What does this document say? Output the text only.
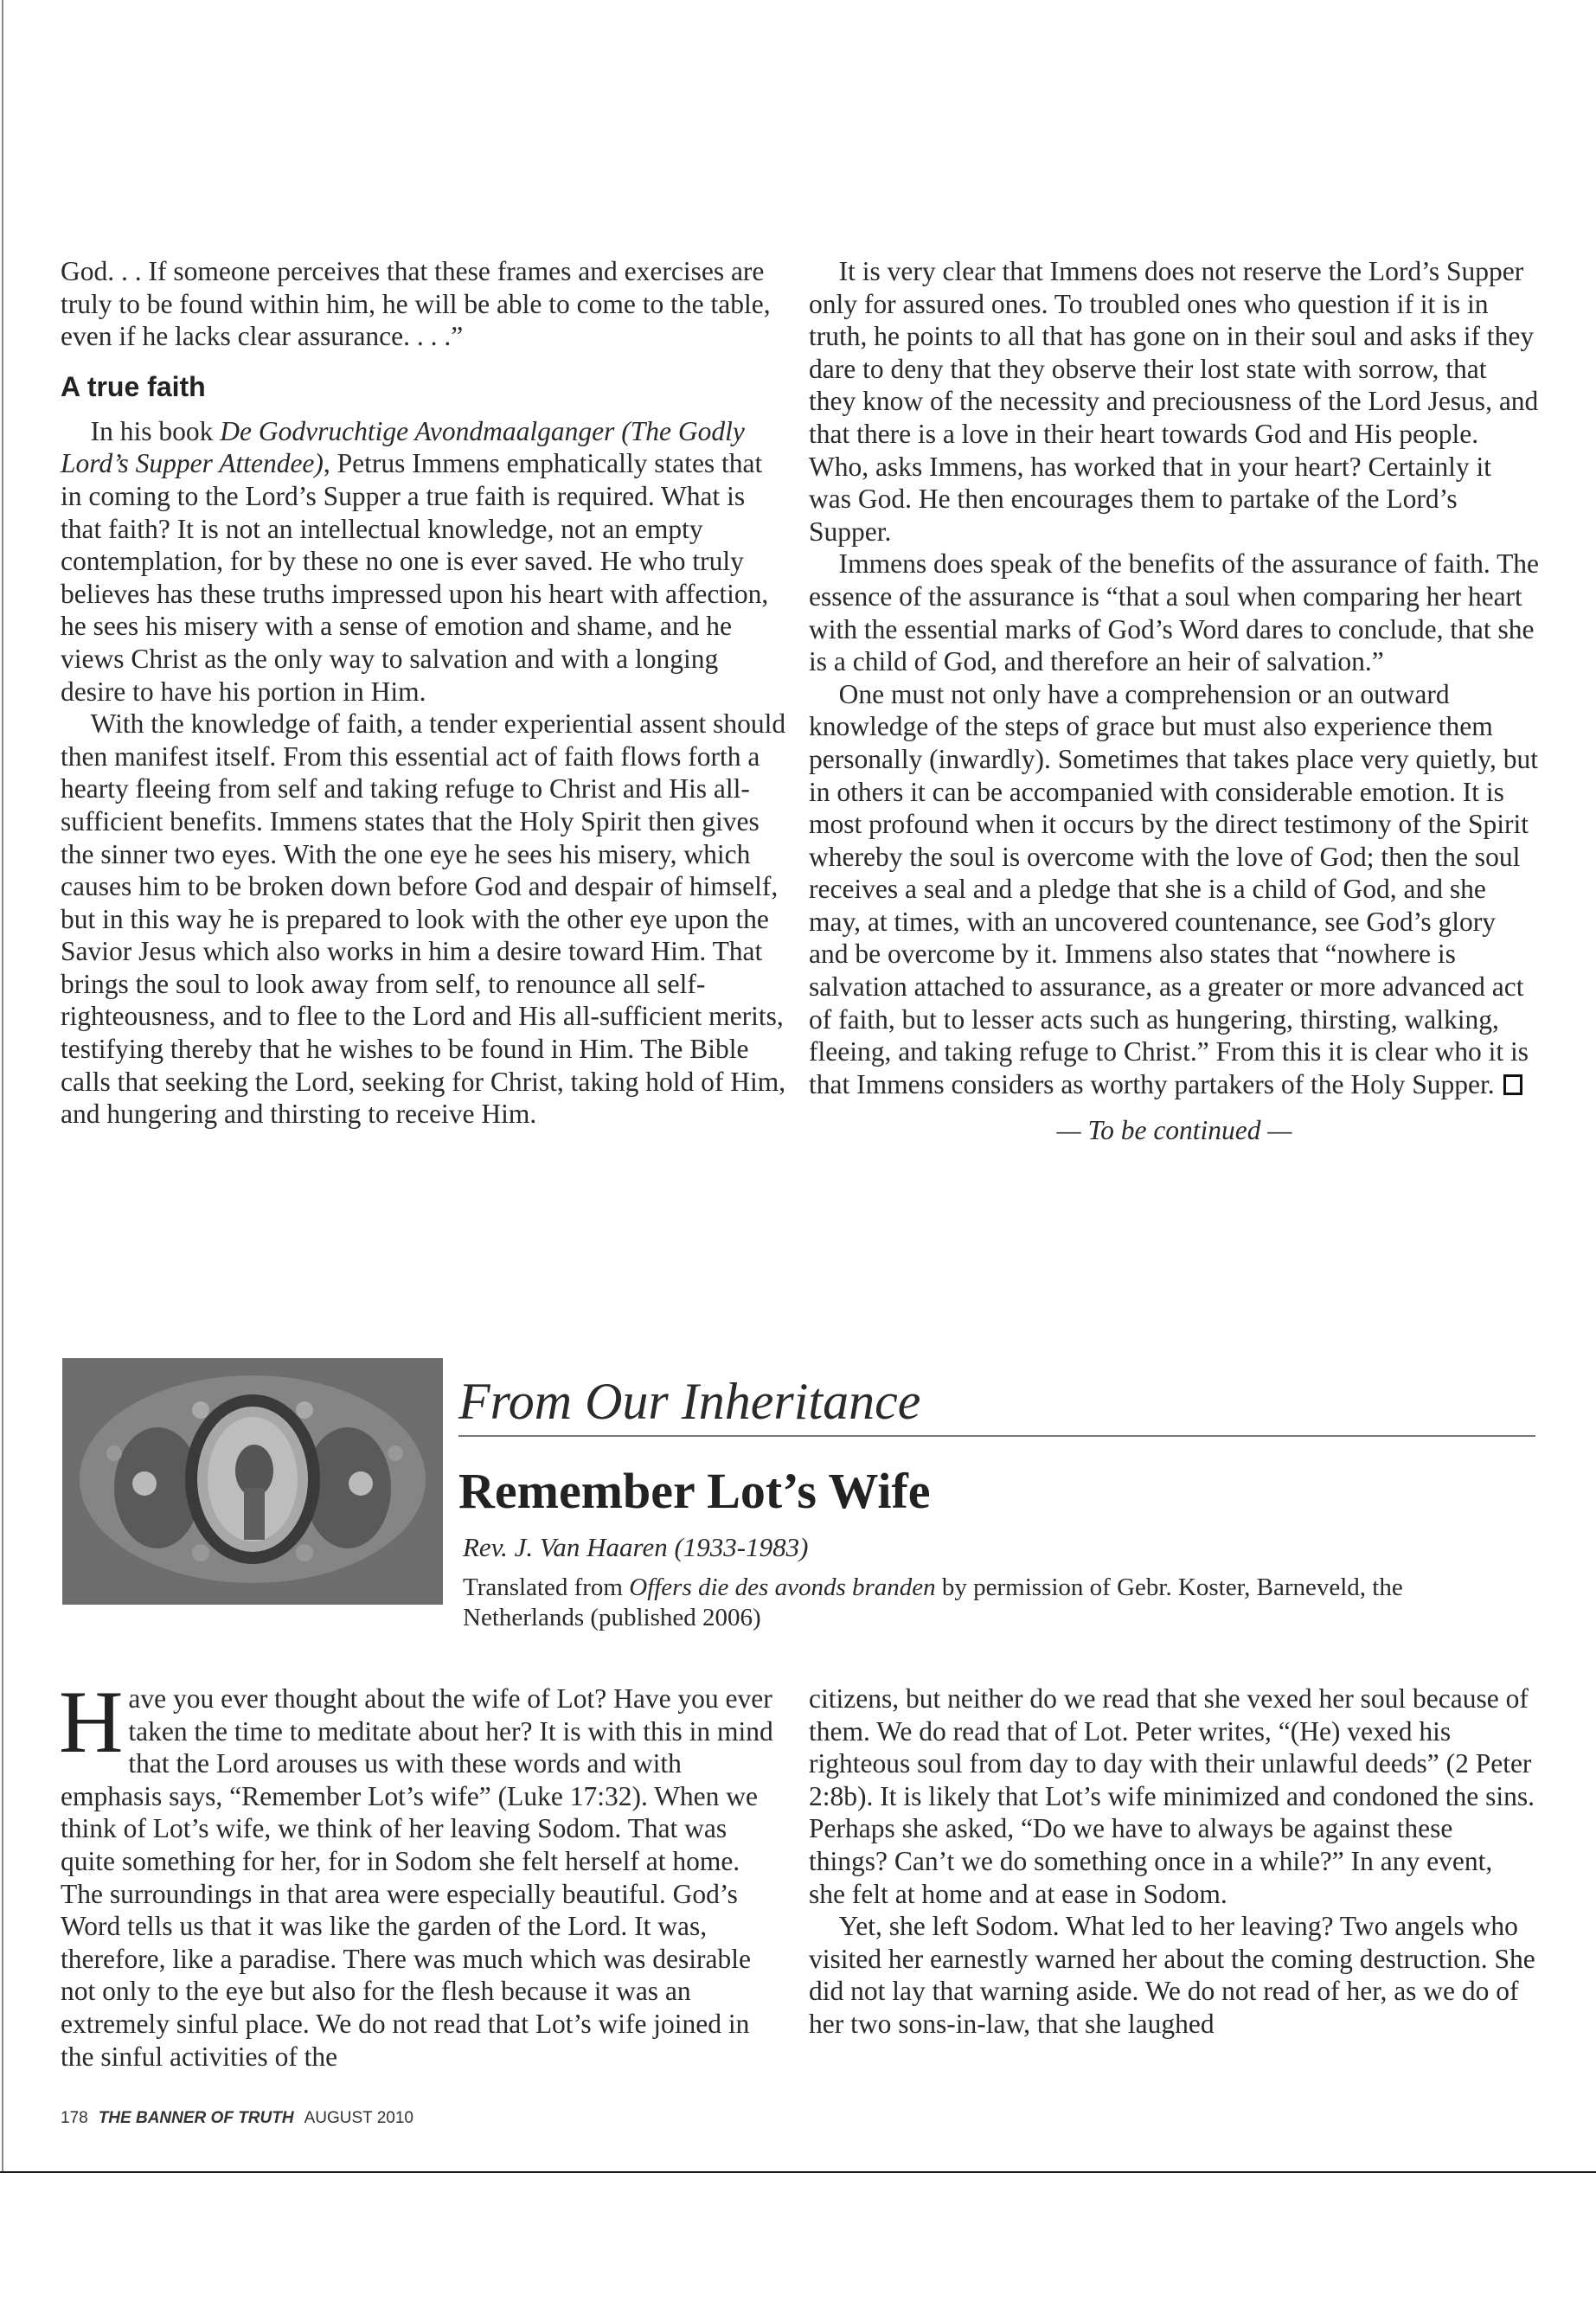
God. . . If someone perceives that these frames and exercises are truly to be found within him, he will be able to come to the table, even if he lacks clear assurance. . . .”

A true faith

In his book De Godvruchtige Avondmaalganger (The Godly Lord’s Supper Attendee), Petrus Immens emphatically states that in coming to the Lord’s Supper a true faith is required. What is that faith? It is not an intellectual knowledge, not an empty contemplation, for by these no one is ever saved. He who truly believes has these truths impressed upon his heart with affection, he sees his misery with a sense of emotion and shame, and he views Christ as the only way to salvation and with a longing desire to have his portion in Him.

With the knowledge of faith, a tender experiential assent should then manifest itself. From this essential act of faith flows forth a hearty fleeing from self and taking refuge to Christ and His all-sufficient benefits. Immens states that the Holy Spirit then gives the sinner two eyes. With the one eye he sees his misery, which causes him to be broken down before God and despair of himself, but in this way he is prepared to look with the other eye upon the Savior Jesus which also works in him a desire toward Him. That brings the soul to look away from self, to renounce all self-righteousness, and to flee to the Lord and His all-sufficient merits, testifying thereby that he wishes to be found in Him. The Bible calls that seeking the Lord, seeking for Christ, taking hold of Him, and hungering and thirsting to receive Him.

It is very clear that Immens does not reserve the Lord’s Supper only for assured ones. To troubled ones who question if it is in truth, he points to all that has gone on in their soul and asks if they dare to deny that they observe their lost state with sorrow, that they know of the necessity and preciousness of the Lord Jesus, and that there is a love in their heart towards God and His people. Who, asks Immens, has worked that in your heart? Certainly it was God. He then encourages them to partake of the Lord’s Supper.

Immens does speak of the benefits of the assurance of faith. The essence of the assurance is “that a soul when comparing her heart with the essential marks of God’s Word dares to conclude, that she is a child of God, and therefore an heir of salvation.”

One must not only have a comprehension or an outward knowledge of the steps of grace but must also experience them personally (inwardly). Sometimes that takes place very quietly, but in others it can be accompanied with considerable emotion. It is most profound when it occurs by the direct testimony of the Spirit whereby the soul is overcome with the love of God; then the soul receives a seal and a pledge that she is a child of God, and she may, at times, with an uncovered countenance, see God’s glory and be overcome by it. Immens also states that “nowhere is salvation attached to assurance, as a greater or more advanced act of faith, but to lesser acts such as hungering, thirsting, walking, fleeing, and taking refuge to Christ.” From this it is clear who it is that Immens considers as worthy partakers of the Holy Supper.

— To be continued —
From Our Inheritance
Remember Lot’s Wife
Rev. J. Van Haaren (1933-1983)
Translated from Offers die des avonds branden by permission of Gebr. Koster, Barneveld, the Netherlands (published 2006)

Have you ever thought about the wife of Lot? Have you ever taken the time to meditate about her? It is with this in mind that the Lord arouses us with these words and with emphasis says, “Remember Lot’s wife” (Luke 17:32). When we think of Lot’s wife, we think of her leaving Sodom. That was quite something for her, for in Sodom she felt herself at home. The surroundings in that area were especially beautiful. God’s Word tells us that it was like the garden of the Lord. It was, therefore, like a paradise. There was much which was desirable not only to the eye but also for the flesh because it was an extremely sinful place. We do not read that Lot’s wife joined in the sinful activities of the

citizens, but neither do we read that she vexed her soul because of them. We do read that of Lot. Peter writes, “(He) vexed his righteous soul from day to day with their unlawful deeds” (2 Peter 2:8b). It is likely that Lot’s wife minimized and condoned the sins. Perhaps she asked, “Do we have to always be against these things? Can’t we do something once in a while?” In any event, she felt at home and at ease in Sodom.

Yet, she left Sodom. What led to her leaving? Two angels who visited her earnestly warned her about the coming destruction. She did not lay that warning aside. We do not read of her, as we do of her two sons-in-law, that she laughed

178 THE BANNER OF TRUTH AUGUST 2010
